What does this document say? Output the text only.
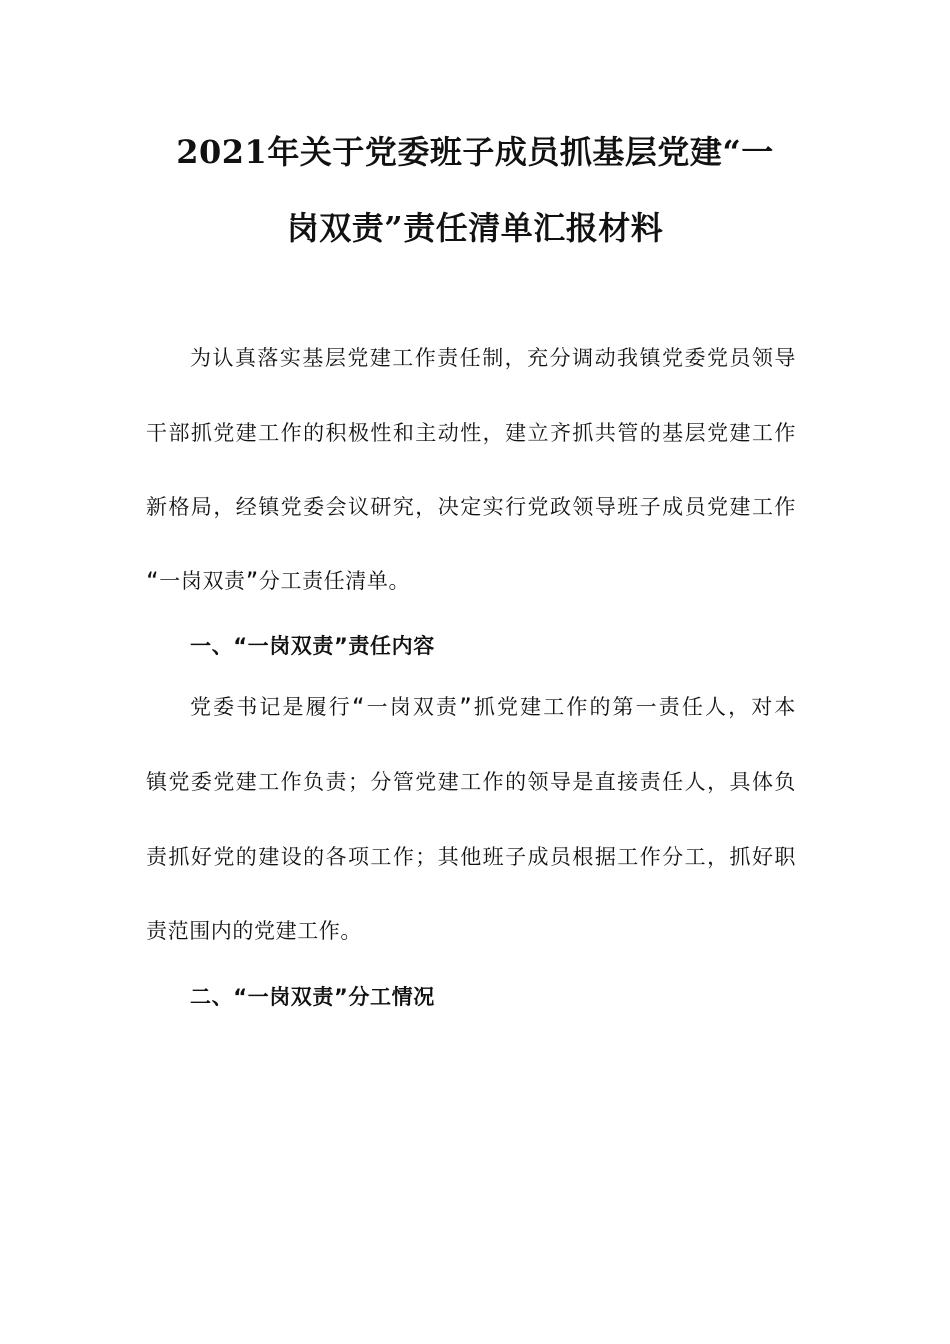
2021年关于党委班子成员抓基层党建“一
岗双责”责任清单汇报材料
为认真落实基层党建工作责任制，充分调动我镇党委党员领导
干部抓党建工作的积极性和主动性，建立齐抓共管的基层党建工作
新格局，经镇党委会议研究，决定实行党政领导班子成员党建工作
“一岗双责”分工责任清单。
一、“一岗双责”责任内容
党委书记是履行“一岗双责”抓党建工作的第一责任人，对本
镇党委党建工作负责；分管党建工作的领导是直接责任人，具体负
责抓好党的建设的各项工作；其他班子成员根据工作分工，抓好职
责范围内的党建工作。
二、“一岗双责”分工情况
